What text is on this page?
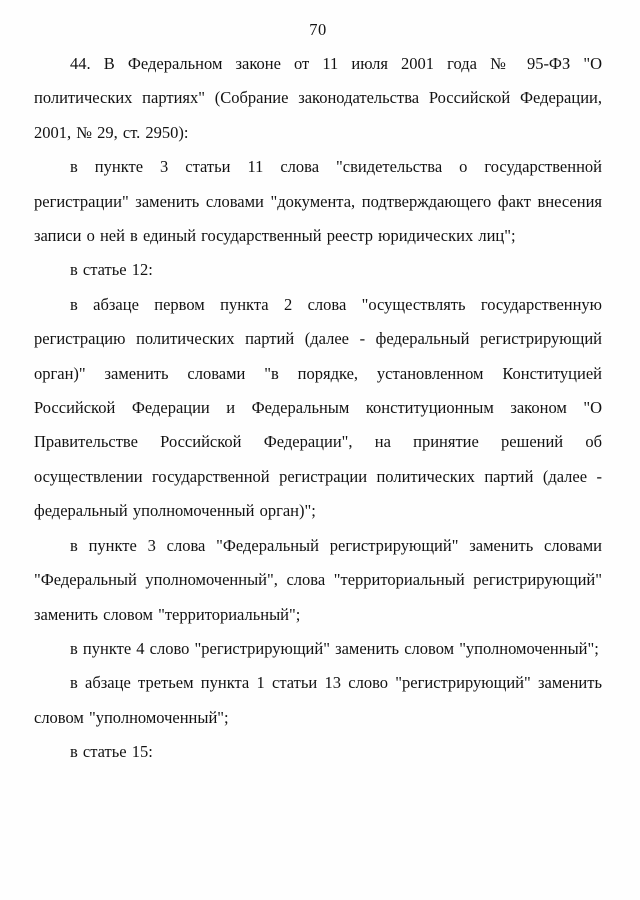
70

44. В Федеральном законе от 11 июля 2001 года № 95-ФЗ "О политических партиях" (Собрание законодательства Российской Федерации, 2001, № 29, ст. 2950):

в пункте 3 статьи 11 слова "свидетельства о государственной регистрации" заменить словами "документа, подтверждающего факт внесения записи о ней в единый государственный реестр юридических лиц";

в статье 12:

в абзаце первом пункта 2 слова "осуществлять государственную регистрацию политических партий (далее - федеральный регистрирующий орган)" заменить словами "в порядке, установленном Конституцией Российской Федерации и Федеральным конституционным законом "О Правительстве Российской Федерации", на принятие решений об осуществлении государственной регистрации политических партий (далее - федеральный уполномоченный орган)";

в пункте 3 слова "Федеральный регистрирующий" заменить словами "Федеральный уполномоченный", слова "территориальный регистрирующий" заменить словом "территориальный";

в пункте 4 слово "регистрирующий" заменить словом "уполномоченный";

в абзаце третьем пункта 1 статьи 13 слово "регистрирующий" заменить словом "уполномоченный";

в статье 15:
